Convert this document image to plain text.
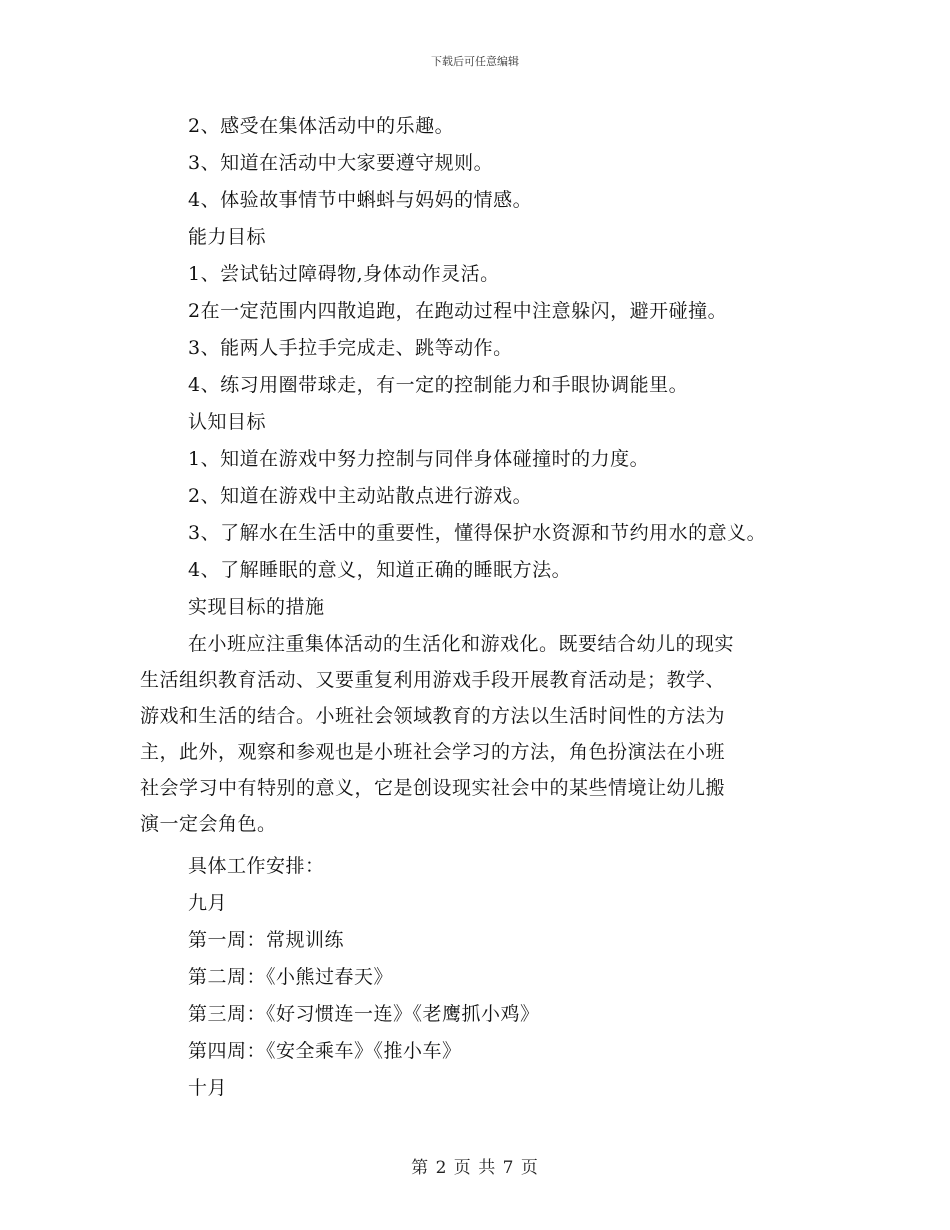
下载后可任意编辑
2、感受在集体活动中的乐趣。
3、知道在活动中大家要遵守规则。
4、体验故事情节中蝌蚪与妈妈的情感。
能力目标
1、尝试钻过障碍物,身体动作灵活。
2在一定范围内四散追跑，在跑动过程中注意躲闪，避开碰撞。
3、能两人手拉手完成走、跳等动作。
4、练习用圈带球走，有一定的控制能力和手眼协调能里。
认知目标
1、知道在游戏中努力控制与同伴身体碰撞时的力度。
2、知道在游戏中主动站散点进行游戏。
3、了解水在生活中的重要性，懂得保护水资源和节约用水的意义。
4、了解睡眠的意义，知道正确的睡眠方法。
实现目标的措施
在小班应注重集体活动的生活化和游戏化。既要结合幼儿的现实
生活组织教育活动、又要重复利用游戏手段开展教育活动是；教学、
游戏和生活的结合。小班社会领域教育的方法以生活时间性的方法为
主，此外，观察和参观也是小班社会学习的方法，角色扮演法在小班
社会学习中有特别的意义，它是创设现实社会中的某些情境让幼儿搬
演一定会角色。
具体工作安排：
九月
第一周：常规训练
第二周：《小熊过春天》
第三周：《好习惯连一连》《老鹰抓小鸡》
第四周：《安全乘车》《推小车》
十月
第 2 页 共 7 页
